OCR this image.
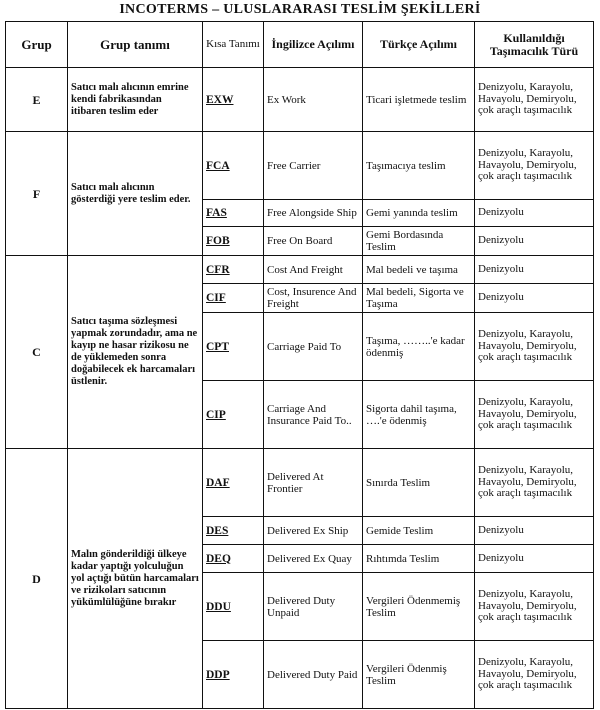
INCOTERMS – ULUSLARARASI TESLİM ŞEKİLLERİ
Grup	Grup tanımı	Kısa Tanımı	İngilizce Açılımı	Türkçe Açılımı	Kullanıldığı Taşımacılık Türü
E	Satıcı malı alıcının emrine kendi fabrikasından itibaren teslim eder	EXW	Ex Work	Ticari işletmede teslim	Denizyolu, Karayolu, Havayolu, Demiryolu, çok araçlı taşımacılık
F	Satıcı malı alıcının gösterdiği yere teslim eder.	FCA	Free Carrier	Taşımacıya teslim	Denizyolu, Karayolu, Havayolu, Demiryolu, çok araçlı taşımacılık
		FAS	Free Alongside Ship	Gemi yanında teslim	Denizyolu
		FOB	Free On Board	Gemi Bordasında Teslim	Denizyolu
C	Satıcı taşıma sözleşmesi yapmak zorundadır, ama ne kayıp ne hasar rizikosu ne de yüklemeden sonra doğabilecek ek harcamaları üstlenir.	CFR	Cost And Freight	Mal bedeli ve taşıma	Denizyolu
		CIF	Cost, Insurence And Freight	Mal bedeli, Sigorta ve Taşıma	Denizyolu
		CPT	Carriage Paid To	Taşıma, ……..'e kadar ödenmiş	Denizyolu, Karayolu, Havayolu, Demiryolu, çok araçlı taşımacılık
		CIP	Carriage And Insurance Paid To..	Sigorta dahil taşıma, ….'e ödenmiş	Denizyolu, Karayolu, Havayolu, Demiryolu, çok araçlı taşımacılık
D	Malın gönderildiği ülkeye kadar yaptığı yolculuğun yol açtığı bütün harcamaları ve rizikoları satıcının yükümlülüğüne bırakır	DAF	Delivered At Frontier	Sınırda Teslim	Denizyolu, Karayolu, Havayolu, Demiryolu, çok araçlı taşımacılık
		DES	Delivered Ex Ship	Gemide Teslim	Denizyolu
		DEQ	Delivered Ex Quay	Rıhtımda Teslim	Denizyolu
		DDU	Delivered Duty Unpaid	Vergileri Ödenmemiş Teslim	Denizyolu, Karayolu, Havayolu, Demiryolu, çok araçlı taşımacılık
		DDP	Delivered Duty Paid	Vergileri Ödenmiş Teslim	Denizyolu, Karayolu, Havayolu, Demiryolu, çok araçlı taşımacılık
